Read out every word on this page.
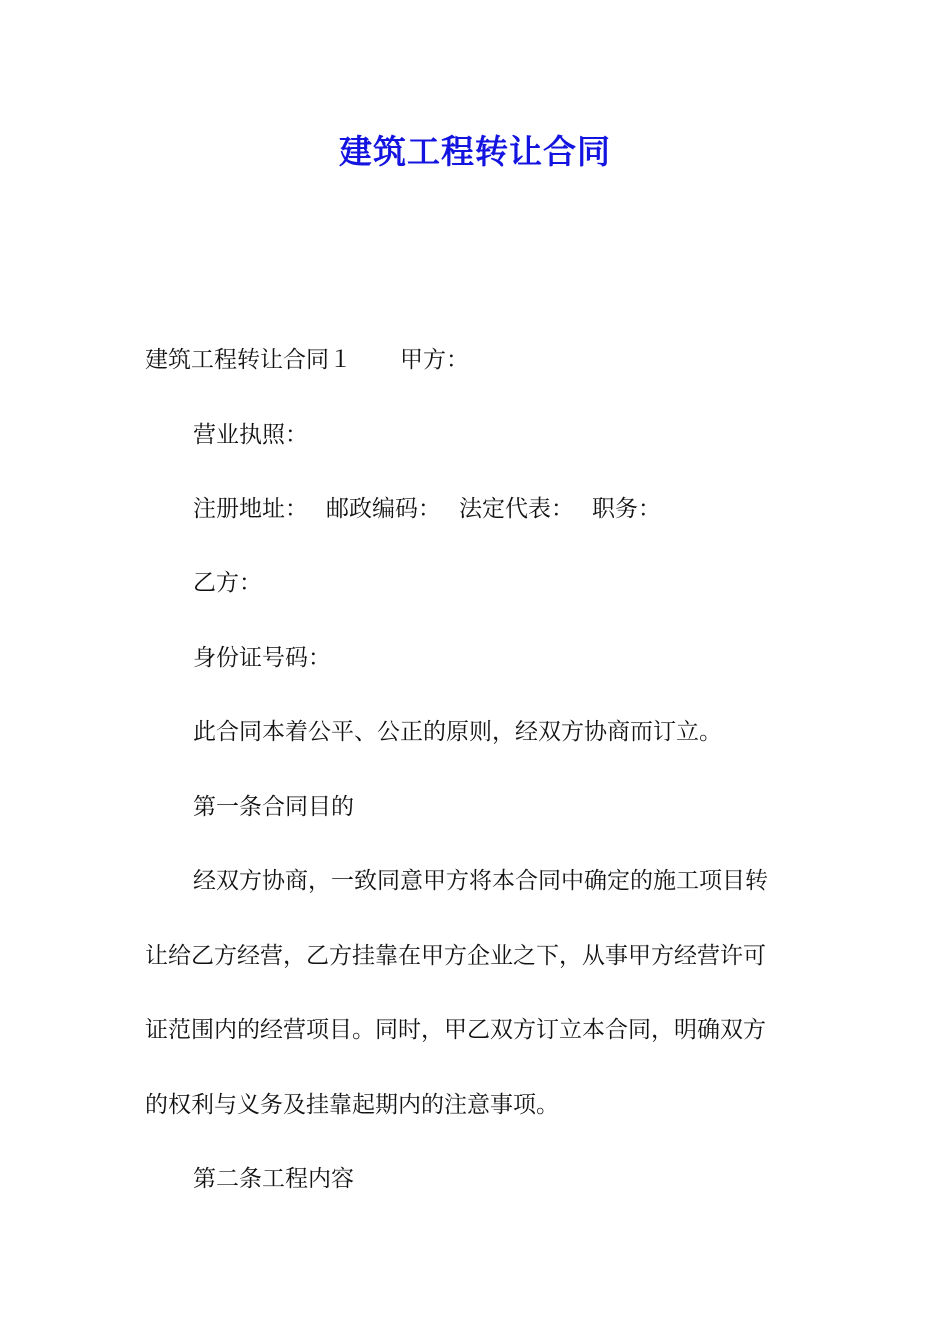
建筑工程转让合同
建筑工程转让合同１ 甲方：
营业执照：
注册地址： 邮政编码： 法定代表： 职务：
乙方：
身份证号码：
此合同本着公平、公正的原则，经双方协商而订立。
第一条合同目的
经双方协商，一致同意甲方将本合同中确定的施工项目转
让给乙方经营，乙方挂靠在甲方企业之下，从事甲方经营许可
证范围内的经营项目。同时，甲乙双方订立本合同，明确双方
的权利与义务及挂靠起期内的注意事项。
第二条工程内容
